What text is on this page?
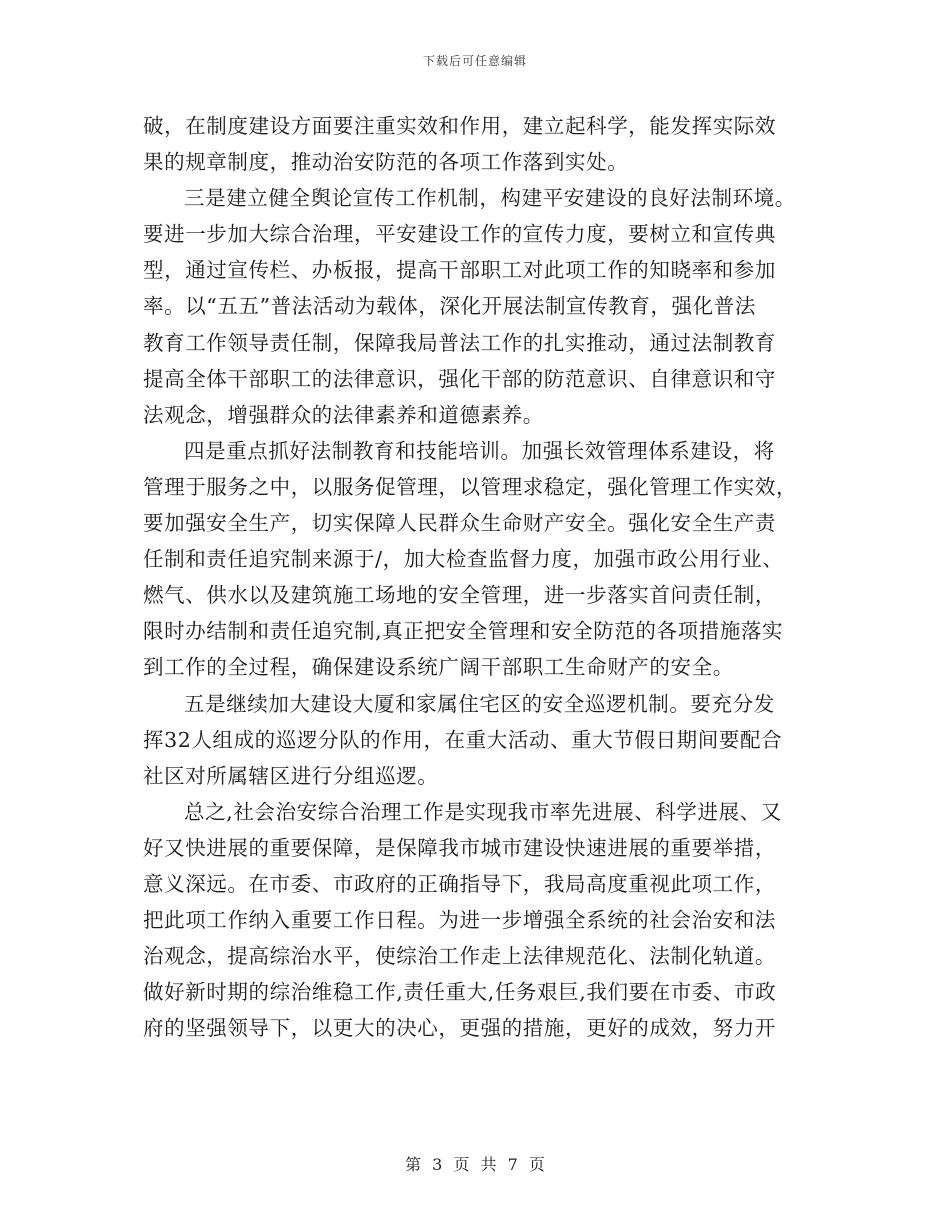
下载后可任意编辑
破，在制度建设方面要注重实效和作用，建立起科学，能发挥实际效
果的规章制度，推动治安防范的各项工作落到实处。
三是建立健全舆论宣传工作机制，构建平安建设的良好法制环境。
要进一步加大综合治理，平安建设工作的宣传力度，要树立和宣传典
型，通过宣传栏、办板报，提高干部职工对此项工作的知晓率和参加
率。以“五五”普法活动为载体，深化开展法制宣传教育，强化普法
教育工作领导责任制，保障我局普法工作的扎实推动，通过法制教育
提高全体干部职工的法律意识，强化干部的防范意识、自律意识和守
法观念，增强群众的法律素养和道德素养。
四是重点抓好法制教育和技能培训。加强长效管理体系建设，将
管理于服务之中，以服务促管理，以管理求稳定，强化管理工作实效，
要加强安全生产，切实保障人民群众生命财产安全。强化安全生产责
任制和责任追究制来源于/，加大检查监督力度，加强市政公用行业、
燃气、供水以及建筑施工场地的安全管理，进一步落实首问责任制，
限时办结制和责任追究制,真正把安全管理和安全防范的各项措施落实
到工作的全过程，确保建设系统广阔干部职工生命财产的安全。
五是继续加大建设大厦和家属住宅区的安全巡逻机制。要充分发
挥32人组成的巡逻分队的作用，在重大活动、重大节假日期间要配合
社区对所属辖区进行分组巡逻。
总之,社会治安综合治理工作是实现我市率先进展、科学进展、又
好又快进展的重要保障，是保障我市城市建设快速进展的重要举措，
意义深远。在市委、市政府的正确指导下，我局高度重视此项工作，
把此项工作纳入重要工作日程。为进一步增强全系统的社会治安和法
治观念，提高综治水平，使综治工作走上法律规范化、法制化轨道。
做好新时期的综治维稳工作,责任重大,任务艰巨,我们要在市委、市政
府的坚强领导下，以更大的决心，更强的措施，更好的成效，努力开
第 3 页 共 7 页
